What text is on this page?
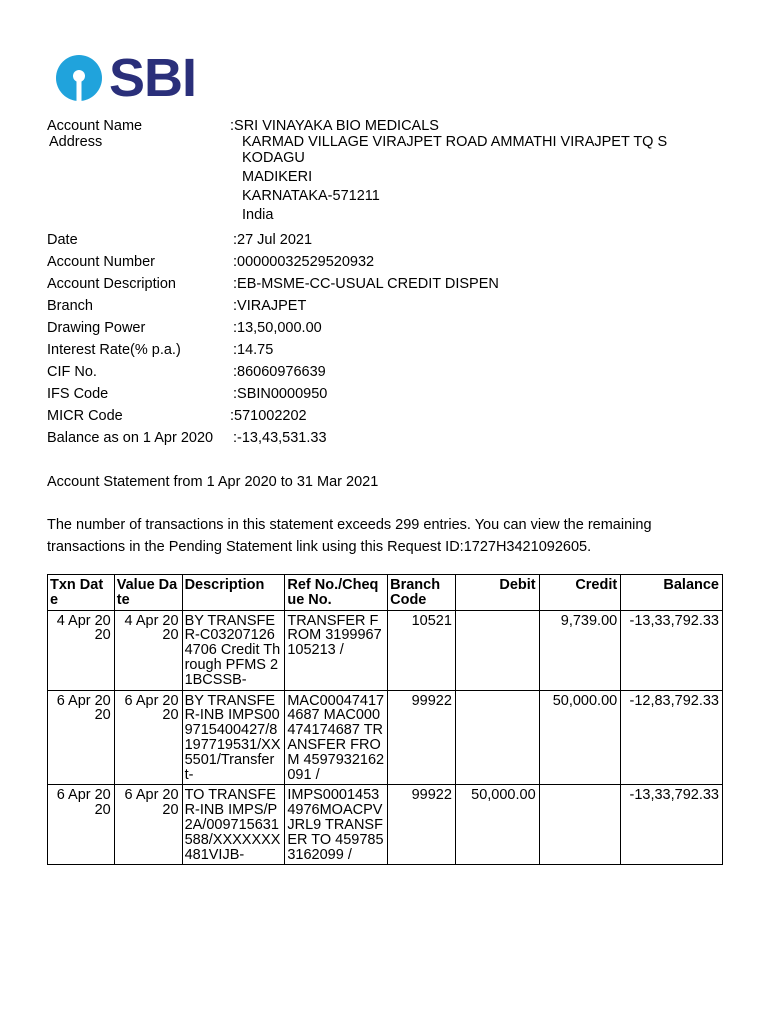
SBI
Account Name	:SRI VINAYAKA BIO MEDICALS
Address	KARMAD VILLAGE VIRAJPET ROAD AMMATHI VIRAJPET TQ S
KODAGU
MADIKERI
KARNATAKA-571211
India
Date	:27 Jul 2021
Account Number	:00000032529520932
Account Description	:EB-MSME-CC-USUAL CREDIT DISPEN
Branch	:VIRAJPET
Drawing Power	:13,50,000.00
Interest Rate(% p.a.)	:14.75
CIF No.	:86060976639
IFS Code	:SBIN0000950
MICR Code	:571002202
Balance as on 1 Apr 2020 :-13,43,531.33
Account Statement from 1 Apr 2020 to 31 Mar 2021
The number of transactions in this statement exceeds 299 entries. You can view the remaining
transactions in the Pending Statement link using this Request ID:1727H3421092605.
Txn Date	Value Date	Description	Ref No./Cheque No.	Branch Code	Debit	Credit	Balance
4 Apr 2020	4 Apr 2020	BY TRANSFER-C032071264706 Credit Through PFMS 21BCSSB-	TRANSFER FROM 3199967105213 /	10521		9,739.00	-13,33,792.33
6 Apr 2020	6 Apr 2020	BY TRANSFER-INB IMPS009715400427/8197719531/XX5501/Transfer t-	MAC000474174687 MAC000474174687 TRANSFER FROM 4597932162091 /	99922		50,000.00	-12,83,792.33
6 Apr 2020	6 Apr 2020	TO TRANSFER-INB IMPS/P2A/009715631588/XXXXXXX481VIJB-	IMPS00014534976MOACPVJRL9 TRANSFER TO 4597853162099 /	99922	50,000.00		-13,33,792.33
